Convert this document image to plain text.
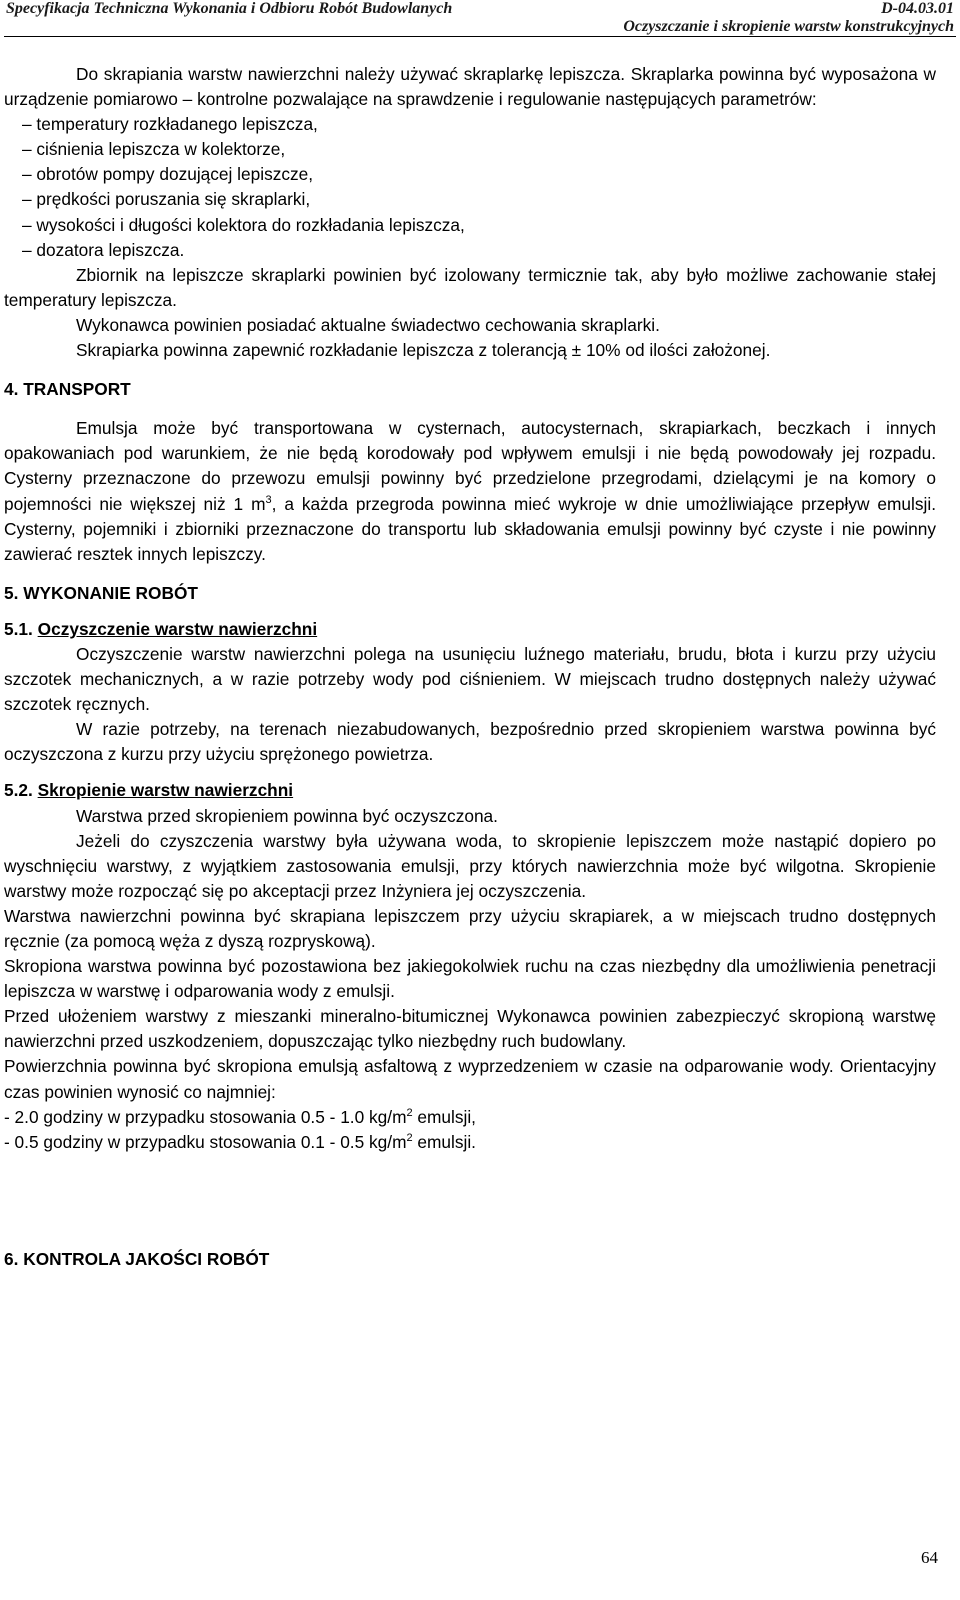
Specyfikacja Techniczna Wykonania i Odbioru Robót Budowlanych	D-04.03.01
Oczyszczanie i skropienie warstw konstrukcyjnych

Do skrapiania warstw nawierzchni należy używać skraplarkę lepiszcza. Skraplarka powinna być wyposażona w urządzenie pomiarowo – kontrolne pozwalające na sprawdzenie i regulowanie następujących parametrów:

– temperatury rozkładanego lepiszcza,

– ciśnienia lepiszcza w kolektorze,

– obrotów pompy dozującej lepiszcze,

– prędkości poruszania się skraplarki,

– wysokości i długości kolektora do rozkładania lepiszcza,

– dozatora lepiszcza.

Zbiornik na lepiszcze skraplarki powinien być izolowany termicznie tak, aby było możliwe zachowanie stałej temperatury lepiszcza.

Wykonawca powinien posiadać aktualne świadectwo cechowania skraplarki.

Skrapiarka powinna zapewnić rozkładanie lepiszcza z tolerancją ± 10% od ilości założonej.

4. TRANSPORT

Emulsja może być transportowana w cysternach, autocysternach, skrapiarkach, beczkach i innych opakowaniach pod warunkiem, że nie będą korodowały pod wpływem emulsji i nie będą powodowały jej rozpadu. Cysterny przeznaczone do przewozu emulsji powinny być przedzielone przegrodami, dzielącymi je na komory o pojemności nie większej niż 1 $m^3$, a każda przegroda powinna mieć wykroje w dnie umożliwiające przepływ emulsji. Cysterny, pojemniki i zbiorniki przeznaczone do transportu lub składowania emulsji powinny być czyste i nie powinny zawierać resztek innych lepiszczy.

5. WYKONANIE ROBÓT

5.1. Oczyszczenie warstw nawierzchni

Oczyszczenie warstw nawierzchni polega na usunięciu luźnego materiału, brudu, błota i kurzu przy użyciu szczotek mechanicznych, a w razie potrzeby wody pod ciśnieniem. W miejscach trudno dostępnych należy używać szczotek ręcznych.

W razie potrzeby, na terenach niezabudowanych, bezpośrednio przed skropieniem warstwa powinna być oczyszczona z kurzu przy użyciu sprężonego powietrza.

5.2. Skropienie warstw nawierzchni

Warstwa przed skropieniem powinna być oczyszczona.

Jeżeli do czyszczenia warstwy była używana woda, to skropienie lepiszczem może nastąpić dopiero po wyschnięciu warstwy, z wyjątkiem zastosowania emulsji, przy których nawierzchnia może być wilgotna. Skropienie warstwy może rozpocząć się po akceptacji przez Inżyniera jej oczyszczenia.

Warstwa nawierzchni powinna być skrapiana lepiszczem przy użyciu skrapiarek, a w miejscach trudno dostępnych ręcznie (za pomocą węża z dyszą rozpryskową).

Skropiona warstwa powinna być pozostawiona bez jakiegokolwiek ruchu na czas niezbędny dla umożliwienia penetracji lepiszcza w warstwę i odparowania wody z emulsji.

Przed ułożeniem warstwy z mieszanki mineralno-bitumicznej Wykonawca powinien zabezpieczyć skropioną warstwę nawierzchni przed uszkodzeniem, dopuszczając tylko niezbędny ruch budowlany.

Powierzchnia powinna być skropiona emulsją asfaltową z wyprzedzeniem w czasie na odparowanie wody. Orientacyjny czas powinien wynosić co najmniej:

- 2.0 godziny w przypadku stosowania 0.5 - 1.0 $kg/m^2$ emulsji,

- 0.5 godziny w przypadku stosowania 0.1 - 0.5 $kg/m^2$ emulsji.

6. KONTROLA JAKOŚCI ROBÓT

64
